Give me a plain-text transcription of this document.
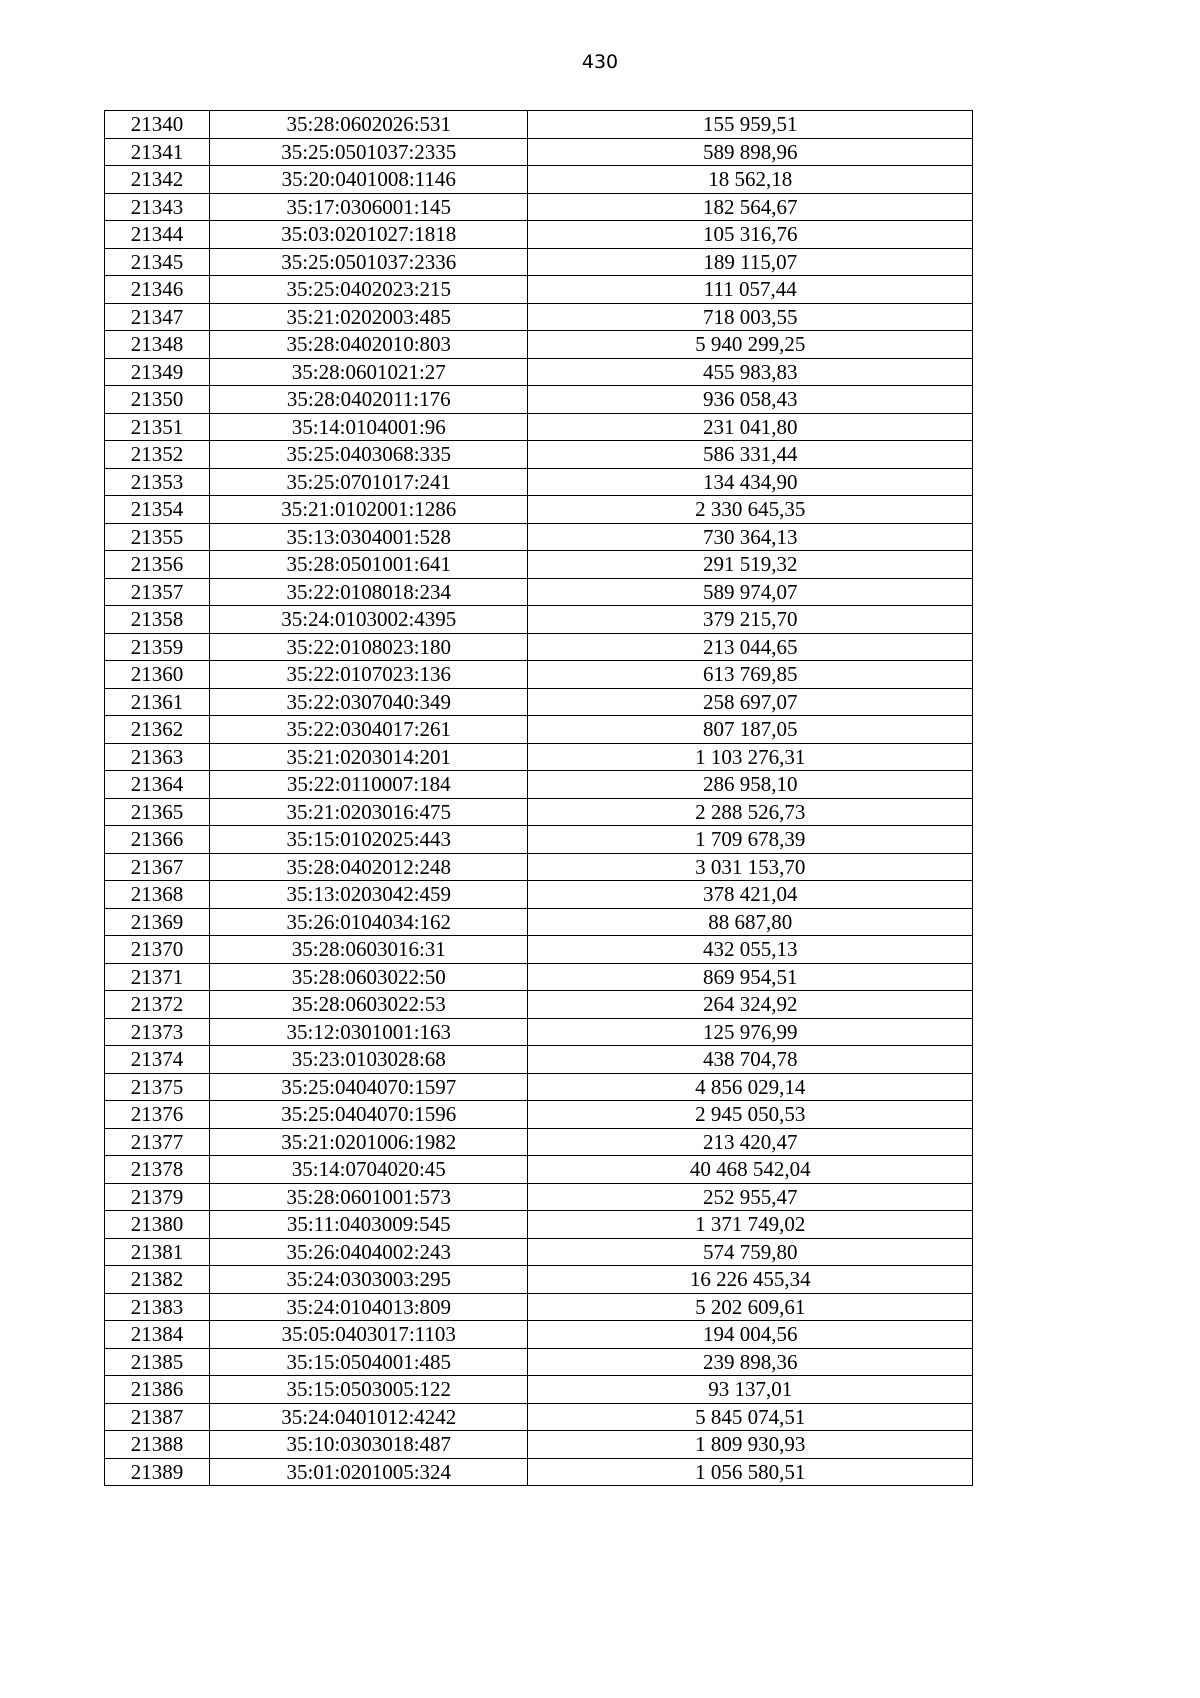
430
21340	35:28:0602026:531	155 959,51
21341	35:25:0501037:2335	589 898,96
21342	35:20:0401008:1146	18 562,18
21343	35:17:0306001:145	182 564,67
21344	35:03:0201027:1818	105 316,76
21345	35:25:0501037:2336	189 115,07
21346	35:25:0402023:215	111 057,44
21347	35:21:0202003:485	718 003,55
21348	35:28:0402010:803	5 940 299,25
21349	35:28:0601021:27	455 983,83
21350	35:28:0402011:176	936 058,43
21351	35:14:0104001:96	231 041,80
21352	35:25:0403068:335	586 331,44
21353	35:25:0701017:241	134 434,90
21354	35:21:0102001:1286	2 330 645,35
21355	35:13:0304001:528	730 364,13
21356	35:28:0501001:641	291 519,32
21357	35:22:0108018:234	589 974,07
21358	35:24:0103002:4395	379 215,70
21359	35:22:0108023:180	213 044,65
21360	35:22:0107023:136	613 769,85
21361	35:22:0307040:349	258 697,07
21362	35:22:0304017:261	807 187,05
21363	35:21:0203014:201	1 103 276,31
21364	35:22:0110007:184	286 958,10
21365	35:21:0203016:475	2 288 526,73
21366	35:15:0102025:443	1 709 678,39
21367	35:28:0402012:248	3 031 153,70
21368	35:13:0203042:459	378 421,04
21369	35:26:0104034:162	88 687,80
21370	35:28:0603016:31	432 055,13
21371	35:28:0603022:50	869 954,51
21372	35:28:0603022:53	264 324,92
21373	35:12:0301001:163	125 976,99
21374	35:23:0103028:68	438 704,78
21375	35:25:0404070:1597	4 856 029,14
21376	35:25:0404070:1596	2 945 050,53
21377	35:21:0201006:1982	213 420,47
21378	35:14:0704020:45	40 468 542,04
21379	35:28:0601001:573	252 955,47
21380	35:11:0403009:545	1 371 749,02
21381	35:26:0404002:243	574 759,80
21382	35:24:0303003:295	16 226 455,34
21383	35:24:0104013:809	5 202 609,61
21384	35:05:0403017:1103	194 004,56
21385	35:15:0504001:485	239 898,36
21386	35:15:0503005:122	93 137,01
21387	35:24:0401012:4242	5 845 074,51
21388	35:10:0303018:487	1 809 930,93
21389	35:01:0201005:324	1 056 580,51
